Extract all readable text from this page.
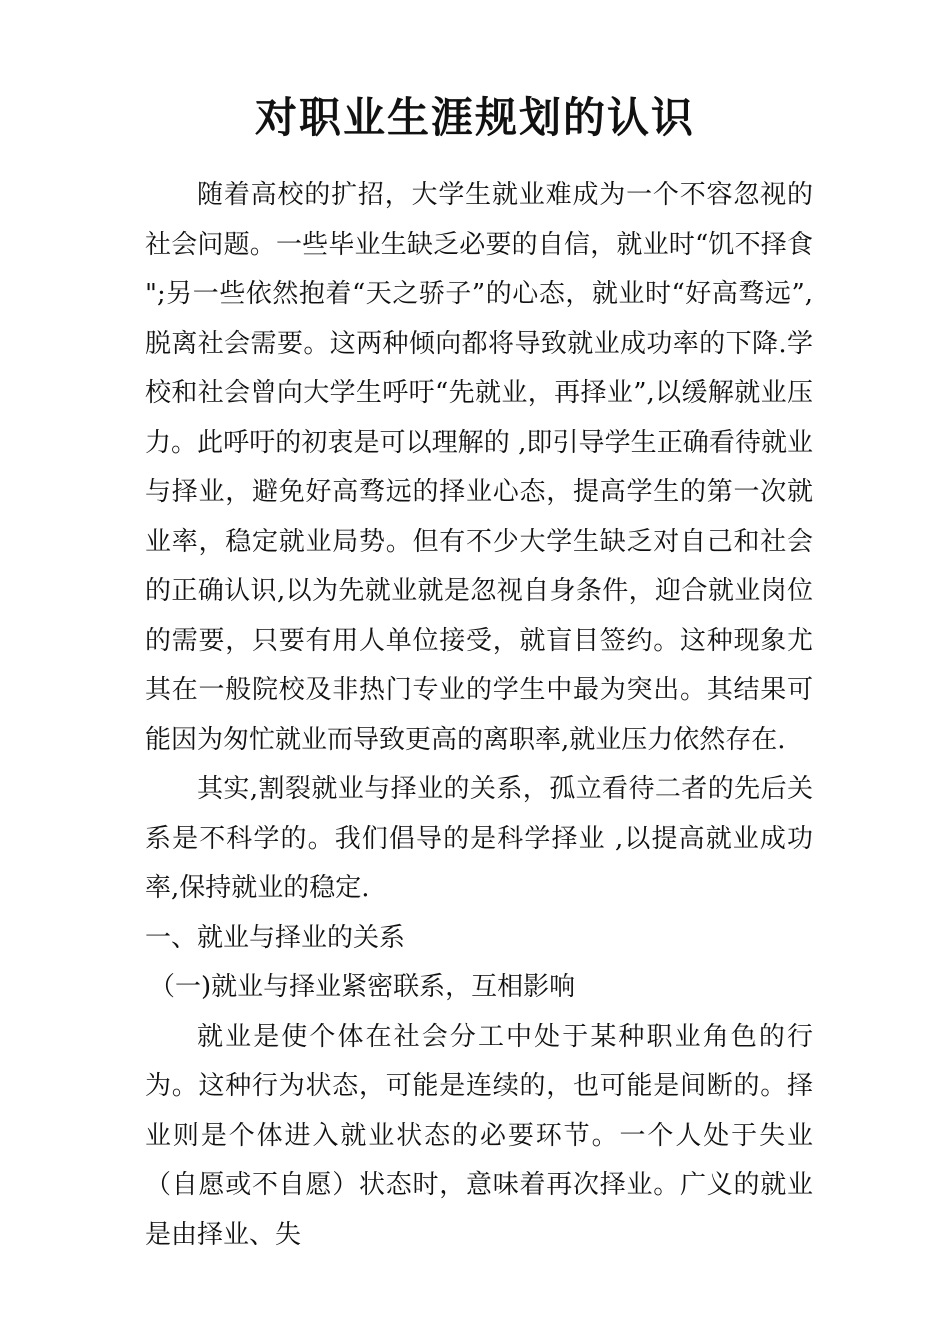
对职业生涯规划的认识

随着高校的扩招，大学生就业难成为一个不容忽视的社会问题。一些毕业生缺乏必要的自信，就业时“饥不择食 ";另一些依然抱着“天之骄子”的心态，就业时“好高骛远”,脱离社会需要。这两种倾向都将导致就业成功率的下降.学校和社会曾向大学生呼吁“先就业，再择业”,以缓解就业压力。此呼吁的初衷是可以理解的 ,即引导学生正确看待就业与择业，避免好高骛远的择业心态，提高学生的第一次就业率，稳定就业局势。但有不少大学生缺乏对自己和社会的正确认识,以为先就业就是忽视自身条件，迎合就业岗位的需要，只要有用人单位接受，就盲目签约。这种现象尤其在一般院校及非热门专业的学生中最为突出。其结果可能因为匆忙就业而导致更高的离职率,就业压力依然存在.

其实,割裂就业与择业的关系，孤立看待二者的先后关系是不科学的。我们倡导的是科学择业 ,以提高就业成功率,保持就业的稳定.

一、就业与择业的关系

（一)就业与择业紧密联系，互相影响

就业是使个体在社会分工中处于某种职业角色的行为。这种行为状态，可能是连续的，也可能是间断的。择业则是个体进入就业状态的必要环节。一个人处于失业（自愿或不自愿）状态时，意味着再次择业。广义的就业是由择业、失
